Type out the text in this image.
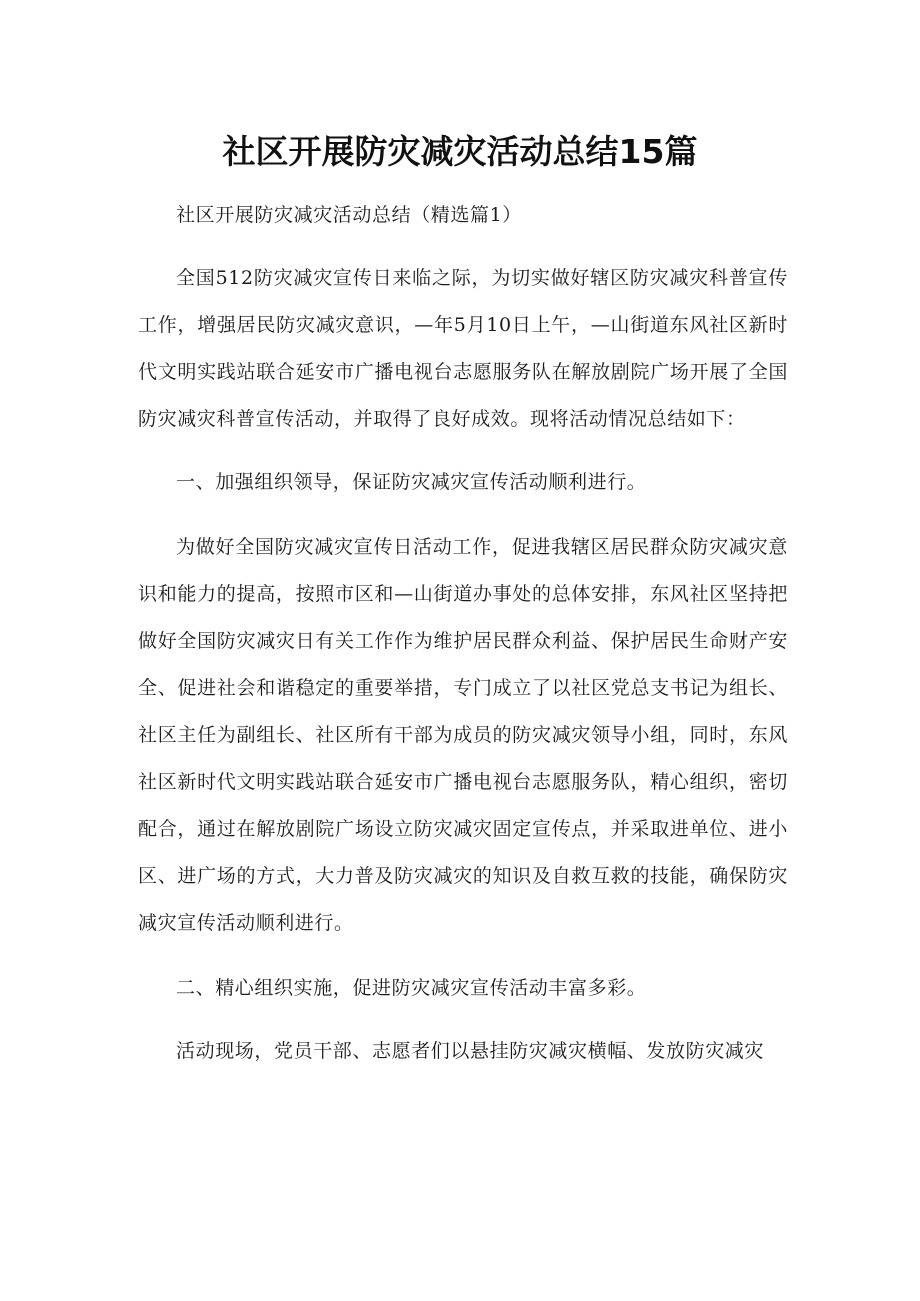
社区开展防灾减灾活动总结15篇

社区开展防灾减灾活动总结（精选篇1）

全国512防灾减灾宣传日来临之际，为切实做好辖区防灾减灾科普宣传工作，增强居民防灾减灾意识，—年5月10日上午，—山街道东风社区新时代文明实践站联合延安市广播电视台志愿服务队在解放剧院广场开展了全国防灾减灾科普宣传活动，并取得了良好成效。现将活动情况总结如下：

一、加强组织领导，保证防灾减灾宣传活动顺利进行。

为做好全国防灾减灾宣传日活动工作，促进我辖区居民群众防灾减灾意识和能力的提高，按照市区和—山街道办事处的总体安排，东风社区坚持把做好全国防灾减灾日有关工作作为维护居民群众利益、保护居民生命财产安全、促进社会和谐稳定的重要举措，专门成立了以社区党总支书记为组长、社区主任为副组长、社区所有干部为成员的防灾减灾领导小组，同时，东风社区新时代文明实践站联合延安市广播电视台志愿服务队，精心组织，密切配合，通过在解放剧院广场设立防灾减灾固定宣传点，并采取进单位、进小区、进广场的方式，大力普及防灾减灾的知识及自救互救的技能，确保防灾减灾宣传活动顺利进行。

二、精心组织实施，促进防灾减灾宣传活动丰富多彩。

活动现场，党员干部、志愿者们以悬挂防灾减灾横幅、发放防灾减灾
